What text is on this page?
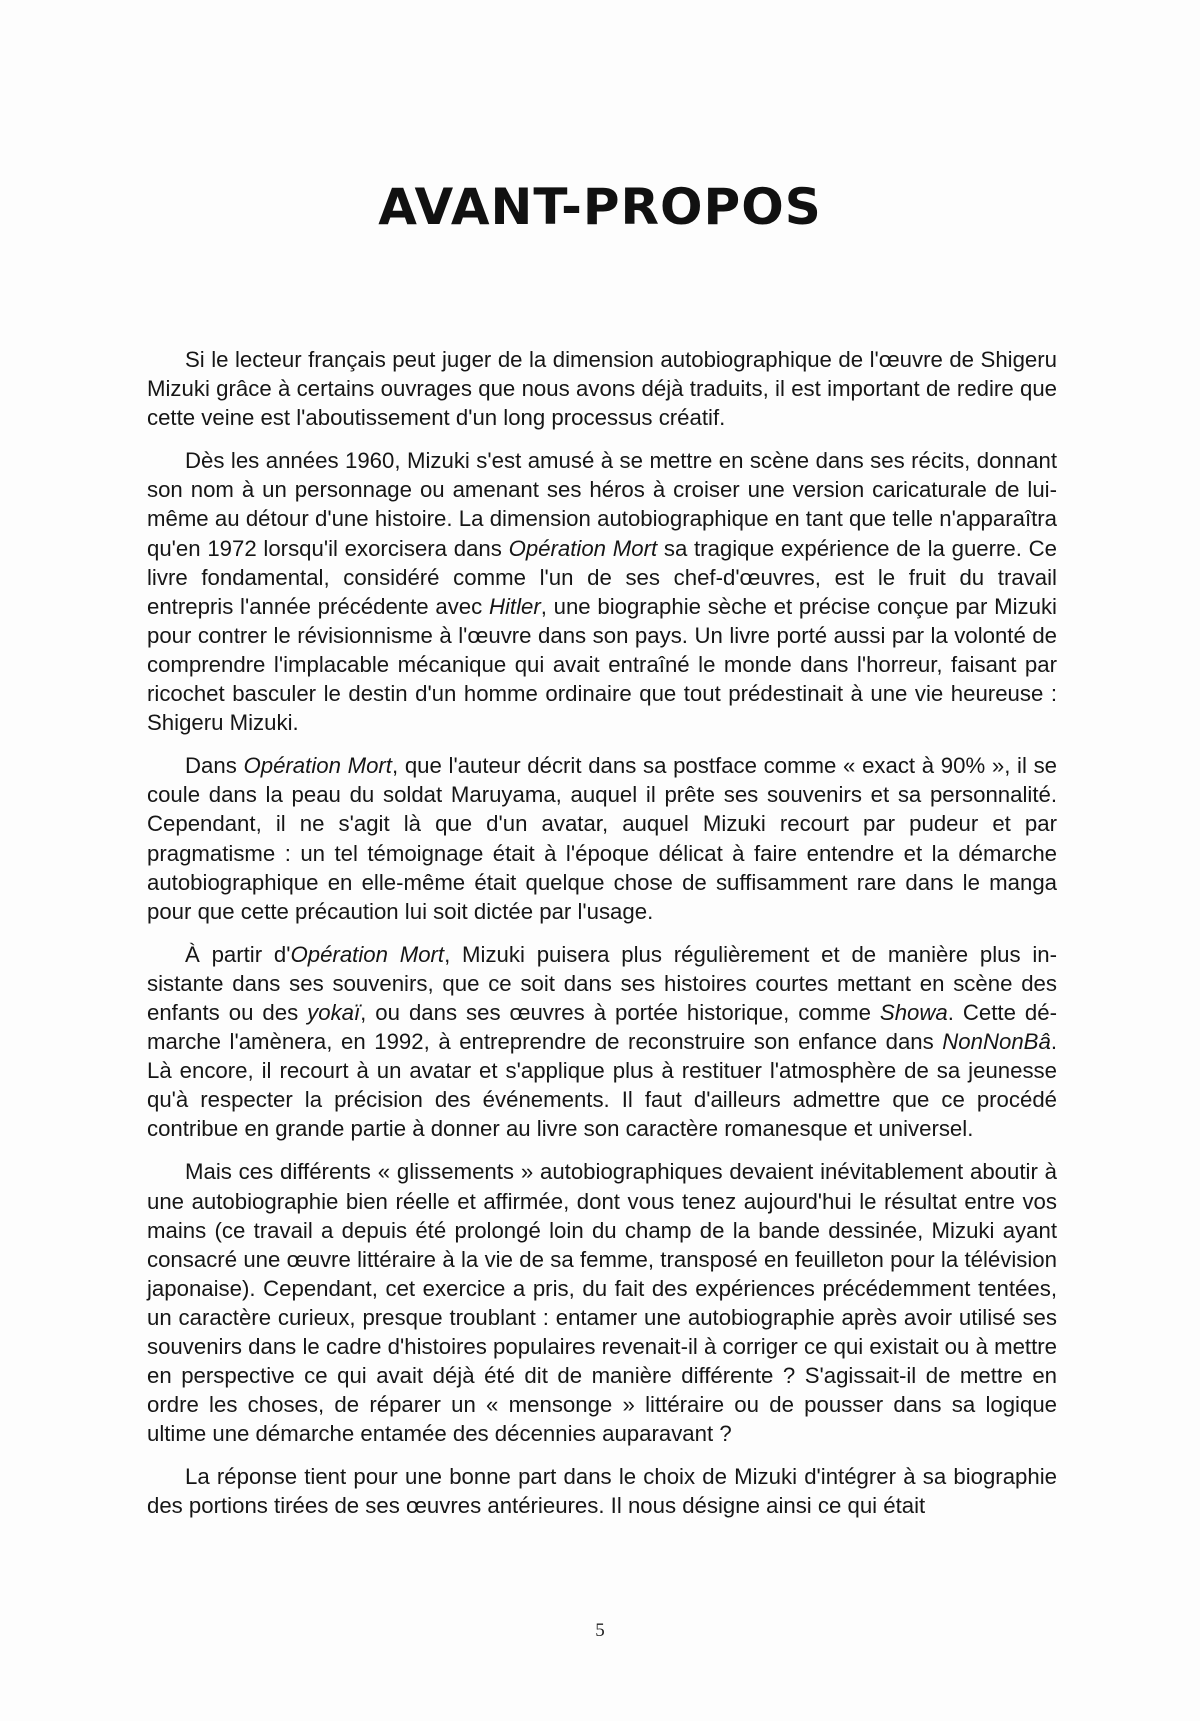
AVANT-PROPOS

Si le lecteur français peut juger de la dimension autobiographique de l'œuvre de Shigeru Mizuki grâce à certains ouvrages que nous avons déjà traduits, il est important de redire que cette veine est l'aboutissement d'un long processus créatif.

Dès les années 1960, Mizuki s'est amusé à se mettre en scène dans ses récits, donnant son nom à un personnage ou amenant ses héros à croiser une version caricaturale de lui-même au détour d'une histoire. La dimension autobiographique en tant que telle n'apparaîtra qu'en 1972 lorsqu'il exorcisera dans Opération Mort sa tragique expérience de la guerre. Ce livre fondamental, considéré comme l'un de ses chef-d'œuvres, est le fruit du travail entrepris l'année précédente avec Hitler, une biographie sèche et précise conçue par Mizuki pour contrer le révisionnisme à l'œuvre dans son pays. Un livre porté aussi par la volonté de comprendre l'implacable mécanique qui avait entraîné le monde dans l'horreur, faisant par ricochet basculer le destin d'un homme ordinaire que tout prédestinait à une vie heureuse : Shigeru Mizuki.

Dans Opération Mort, que l'auteur décrit dans sa postface comme « exact à 90% », il se coule dans la peau du soldat Maruyama, auquel il prête ses souvenirs et sa personnalité. Cependant, il ne s'agit là que d'un avatar, auquel Mizuki recourt par pudeur et par pragmatisme : un tel témoignage était à l'époque délicat à faire entendre et la démarche autobiographique en elle-même était quelque chose de suffisamment rare dans le manga pour que cette précaution lui soit dictée par l'usage.

À partir d'Opération Mort, Mizuki puisera plus régulièrement et de manière plus insistante dans ses souvenirs, que ce soit dans ses histoires courtes mettant en scène des enfants ou des yokaï, ou dans ses œuvres à portée historique, comme Showa. Cette démarche l'amènera, en 1992, à entreprendre de reconstruire son enfance dans NonNonBâ. Là encore, il recourt à un avatar et s'applique plus à restituer l'atmosphère de sa jeunesse qu'à respecter la précision des événements. Il faut d'ailleurs admettre que ce procédé contribue en grande partie à donner au livre son caractère romanesque et universel.

Mais ces différents « glissements » autobiographiques devaient inévitablement aboutir à une autobiographie bien réelle et affirmée, dont vous tenez aujourd'hui le résultat entre vos mains (ce travail a depuis été prolongé loin du champ de la bande dessinée, Mizuki ayant consacré une œuvre littéraire à la vie de sa femme, transposé en feuilleton pour la télévision japonaise). Cependant, cet exercice a pris, du fait des expériences précédemment tentées, un caractère curieux, presque troublant : entamer une autobiographie après avoir utilisé ses souvenirs dans le cadre d'histoires populaires revenait-il à corriger ce qui existait ou à mettre en perspective ce qui avait déjà été dit de manière différente ? S'agissait-il de mettre en ordre les choses, de réparer un « mensonge » littéraire ou de pousser dans sa logique ultime une démarche entamée des décennies auparavant ?

La réponse tient pour une bonne part dans le choix de Mizuki d'intégrer à sa biographie des portions tirées de ses œuvres antérieures. Il nous désigne ainsi ce qui était

5
